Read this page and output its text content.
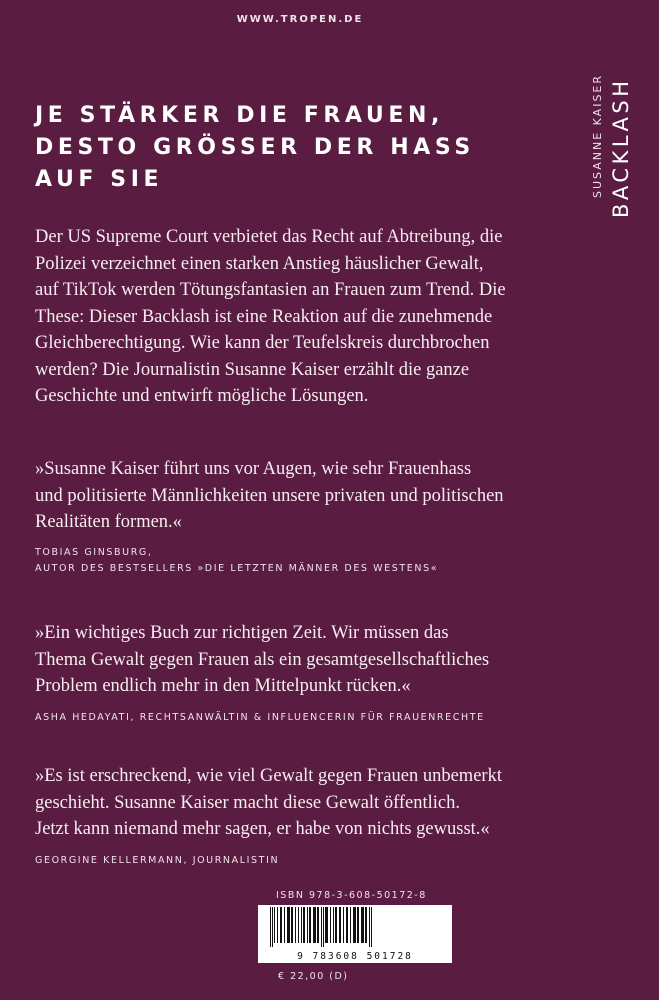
WWW.TROPEN.DE
SUSANNE KAISER BACKLASH
JE STÄRKER DIE FRAUEN,
DESTO GRÖSSER DER HASS
AUF SIE
Der US Supreme Court verbietet das Recht auf Abtreibung, die
Polizei verzeichnet einen starken Anstieg häuslicher Gewalt,
auf TikTok werden Tötungsfantasien an Frauen zum Trend. Die
These: Dieser Backlash ist eine Reaktion auf die zunehmende
Gleichberechtigung. Wie kann der Teufelskreis durchbrochen
werden? Die Journalistin Susanne Kaiser erzählt die ganze
Geschichte und entwirft mögliche Lösungen.
»Susanne Kaiser führt uns vor Augen, wie sehr Frauenhass
und politisierte Männlichkeiten unsere privaten und politischen
Realitäten formen.«
TOBIAS GINSBURG,
AUTOR DES BESTSELLERS »DIE LETZTEN MÄNNER DES WESTENS«
»Ein wichtiges Buch zur richtigen Zeit. Wir müssen das
Thema Gewalt gegen Frauen als ein gesamtgesellschaftliches
Problem endlich mehr in den Mittelpunkt rücken.«
ASHA HEDAYATI, RECHTSANWÄLTIN & INFLUENCERIN FÜR FRAUENRECHTE
»Es ist erschreckend, wie viel Gewalt gegen Frauen unbemerkt
geschieht. Susanne Kaiser macht diese Gewalt öffentlich.
Jetzt kann niemand mehr sagen, er habe von nichts gewusst.«
GEORGINE KELLERMANN, JOURNALISTIN
ISBN 978-3-608-50172-8
9 783608 501728
€ 22,00 (D)
